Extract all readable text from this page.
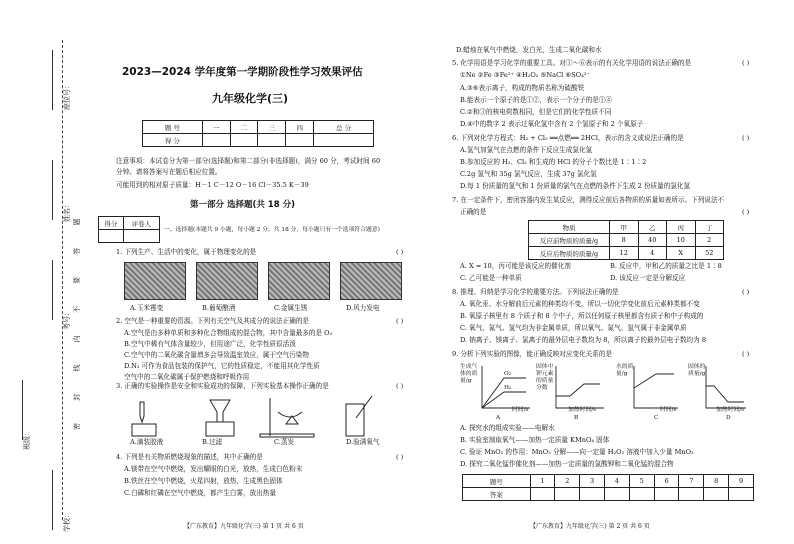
学校：
班级：
考号：
姓名：
座位号：
密 封 线 内 不 要 答 题
2023—2024 学年度第一学期阶段性学习效果评估
九年级化学(三)
题 号	一	二	三	四	总 分
得 分					
注意事项：本试卷分为第一部分(选择题)和第二部分(非选择题)，满分 60 分，考试时间 60
分钟。请将答案写在题后相应位置。
可能用到的相对原子质量：H－1 C－12 O－16 Cl－35.5 K－39
得分	评卷人

第一部分 选择题(共 18 分)
一、选择题(本题共 9 小题，每小题 2 分，共 18 分，每小题只有一个选项符合题意)
1. 下列生产、生活中的变化，属于物理变化的是	( )
A.玉米霉变	B.葡萄酿酒	C.金属生锈	D.风力发电
2. 空气是一种重要的资源。下列有关空气及其成分的说法正确的是	( )
A.空气是由多种单质和多种化合物组成的混合物，其中含量最多的是 O₂
B.空气中稀有气体含量较少，但用途广泛，化学性质很活泼
C.空气中的二氧化碳含量增多会导致温室效应，属于空气污染物
D.N₂ 可作为食品包装的保护气，它的性质稳定，不能用其化学性质
空气中的二氧化碳属于保护燃烧和呼吸作用
3. 正确的实验操作是安全和实验成功的保障，下列实验基本操作正确的是	( )
A.滴装胶液	B.过滤	C.蒸发	D.验满氧气
4. 下列是有关物质燃烧现象的描述，其中正确的是	( )
A.镁带在空气中燃烧，发出耀眼的白光，放热，生成白色粉末
B.铁丝在空气中燃烧，火星四射，放热，生成黑色固体
C.白磷和红磷在空气中燃烧，都产生白雾，放出热量
【广东教育】九年级化学(三) 第 1 页 共 6 页
D.蜡烛在氧气中燃烧，发白光，生成二氧化碳和水
5. 化学用语是学习化学的重要工具。对①～⑥表示的有关化学用语的说法正确的是	( )
①Ne ②Fe ③Fe²⁺ ④H₂O₂ ⑤NaCl ⑥SO₄²⁻
A.③⑥表示离子，构成的物质名称为硫酸铁
B.能表示一个原子的是①②，表示一个分子的是①④
C.②和③的核电荷数相同，但是它们的化学性质不同
D.④中的数字 2 表示过氧化氢中含有 2 个氢原子和 2 个氧原子
6. 下列对化学方程式：H₂ + Cl₂ ══点燃══ 2HCl，表示的含义或说法正确的是	( )
A.氢气加氯气在点燃的条件下反应生成氯化氢
B.参加反应的 H₂、Cl₂ 和生成的 HCl 的分子个数比是 1∶1∶2
C.2g 氢气和 35g 氯气反应，生成 37g 氯化氢
D.每 1 份质量的氢气和 1 份质量的氯气在点燃的条件下生成 2 份质量的氯化氢
7. 在一定条件下，密闭容器内发生某反应，测得反应前后各物质的质量如表所示。下列说法不
正确的是	( )
物质	甲	乙	丙	丁
反应前物质的质量/g	8	40	10	2
反应后物质的质量/g	12	4	X	52
A. X = 10，丙可能是该反应的催化剂	B. 反应中，甲和乙的质量之比是 1∶8
C. 乙可能是一种单质	D. 该反应一定是分解反应
8. 推理、归纳是学习化学的重要方法。下列说法正确的是	( )
A. 氧化汞、水分解前后元素的种类均不变，所以一切化学变化前后元素种类都不变
B. 氧原子核里有 8 个质子和 8 个中子，所以任何原子核里都含有质子和中子构成的
C. 氧气、氮气、氢气均为非金属单质，所以氧气、氮气、氢气属于非金属单质
D. 钠离子、镁离子、氯离子的最外层电子数均为 8，所以离子的最外层电子数均为 8
9. 分析下列实验的图像，能正确反映对应变化关系的是	( )
生成气体的质量/g
O₂
H₂
时间/s
A
固体中钾元素的质量分数
加热时间/s
B
水的质量/g
时间/s
C
固体的质量/g
加热时间/s
D
A. 探究水的组成实验——电解水
B. 实验室制取氧气——加热一定质量 KMnO₄ 固体
C. 验证 MnO₂ 的作用：MnO₂ 分解——向一定量 H₂O₂ 溶液中加入少量 MnO₂
D. 探究二氧化锰作催化剂——加热一定质量的氯酸钾和二氧化锰的混合物
题号	1	2	3	4	5	6	7	8	9
答案									
【广东教育】九年级化学(三) 第 2 页 共 6 页
